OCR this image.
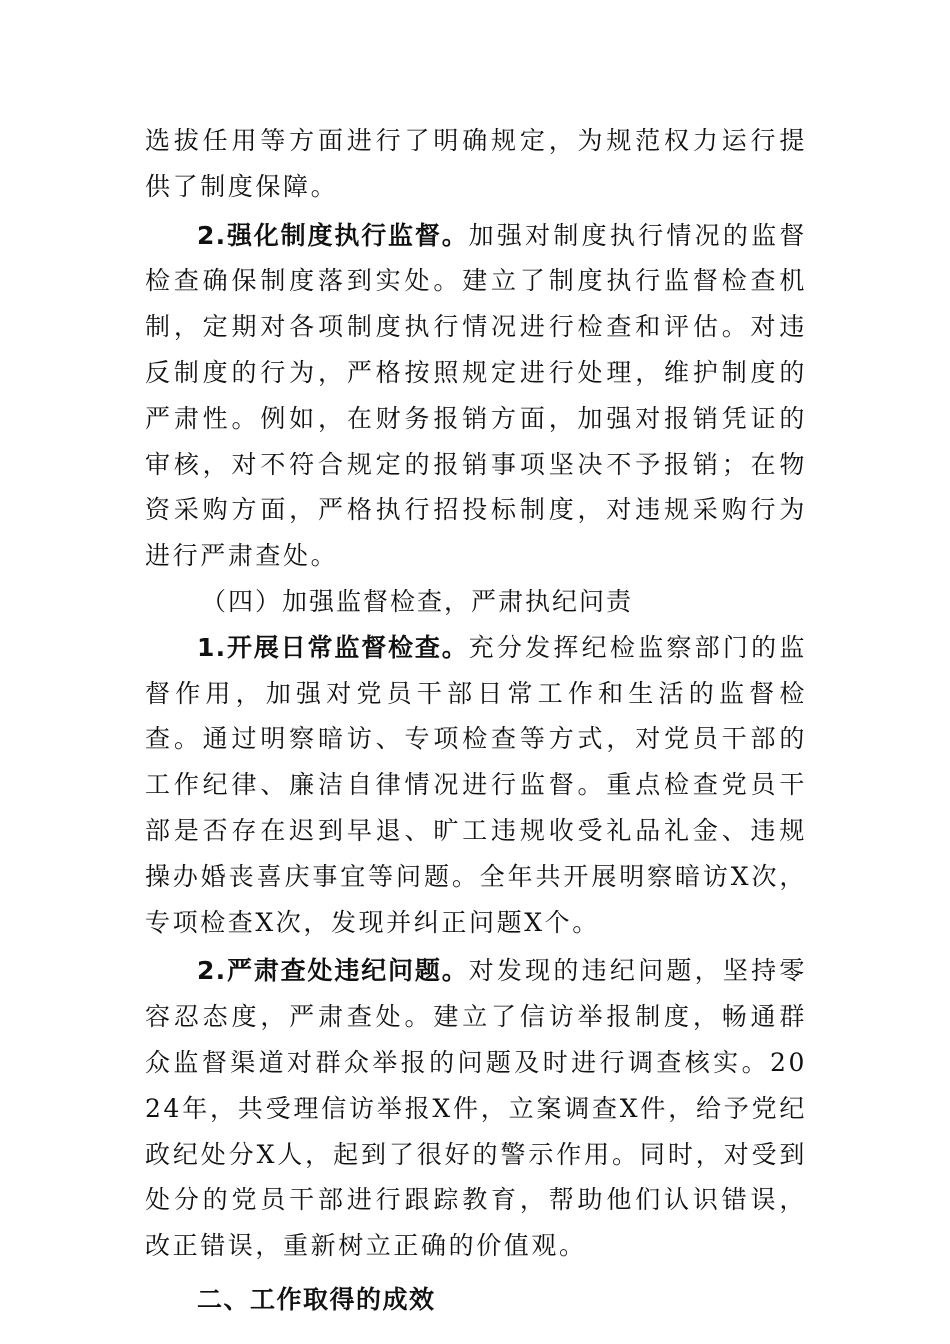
选拔任用等方面进行了明确规定，为规范权力运行提供了制度保障。

2.强化制度执行监督。加强对制度执行情况的监督检查确保制度落到实处。建立了制度执行监督检查机制，定期对各项制度执行情况进行检查和评估。对违反制度的行为，严格按照规定进行处理，维护制度的严肃性。例如，在财务报销方面，加强对报销凭证的审核，对不符合规定的报销事项坚决不予报销；在物资采购方面，严格执行招投标制度，对违规采购行为进行严肃查处。

（四）加强监督检查，严肃执纪问责

1.开展日常监督检查。充分发挥纪检监察部门的监督作用，加强对党员干部日常工作和生活的监督检查。通过明察暗访、专项检查等方式，对党员干部的工作纪律、廉洁自律情况进行监督。重点检查党员干部是否存在迟到早退、旷工违规收受礼品礼金、违规操办婚丧喜庆事宜等问题。全年共开展明察暗访X次，专项检查X次，发现并纠正问题X个。

2.严肃查处违纪问题。对发现的违纪问题，坚持零容忍态度，严肃查处。建立了信访举报制度，畅通群众监督渠道对群众举报的问题及时进行调查核实。2024年，共受理信访举报X件，立案调查X件，给予党纪政纪处分X人，起到了很好的警示作用。同时，对受到处分的党员干部进行跟踪教育，帮助他们认识错误，改正错误，重新树立正确的价值观。

二、工作取得的成效
